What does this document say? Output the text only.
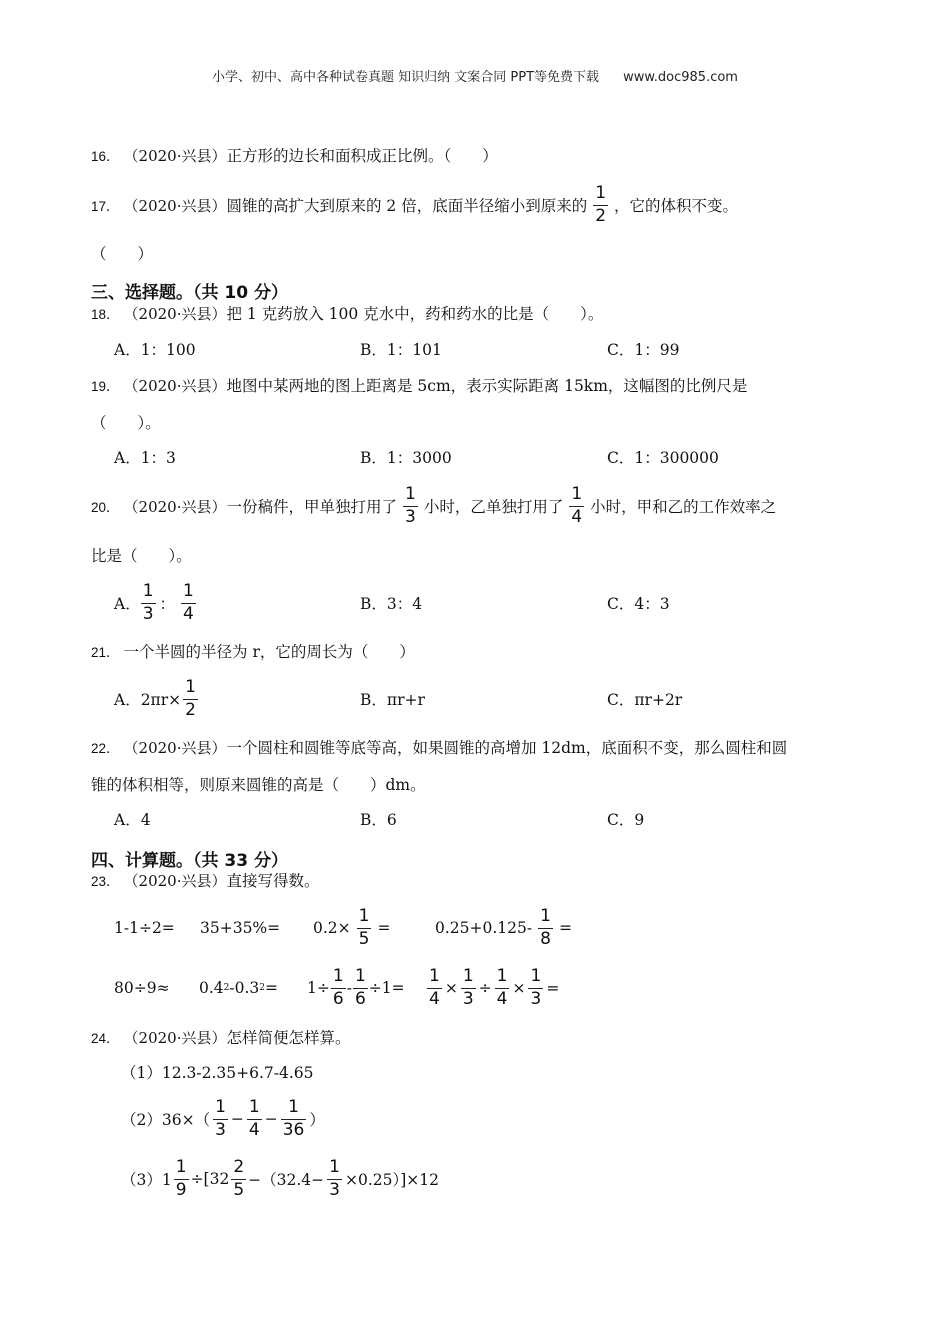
小学、初中、高中各种试卷真题 知识归纳 文案合同 PPT等免费下载 www.doc985.com
16． （2020·兴县） 正方形的边长和面积成正比例。（　　）
17． （2020·兴县） 圆锥的高扩大到原来的 2 倍，底面半径缩小到原来的 $\frac{1}{2}$ ，它的体积不变。
（　　）
三、选择题。（共 10 分）
18． （2020·兴县） 把 1 克药放入 100 克水中，药和药水的比是（　　）。
A．1：100	B．1：101	C．1：99
19． （2020·兴县） 地图中某两地的图上距离是 5cm，表示实际距离 15km，这幅图的比例尺是
（　　）。
A．1：3	B．1：3000	C．1：300000
20． （2020·兴县） 一份稿件，甲单独打用了 $\frac{1}{3}$ 小时，乙单独打用了 $\frac{1}{4}$ 小时，甲和乙的工作效率之
比是（　　）。
A． $\frac{1}{3}$ ： $\frac{1}{4}$	B．3：4	C．4：3
21． 一个半圆的半径为 r，它的周长为（　　）
A．$2\pi r\times \frac{1}{2}$	B．πr+r	C．πr+2r
22． （2020·兴县） 一个圆柱和圆锥等底等高，如果圆锥的高增加 12dm，底面积不变，那么圆柱和圆
锥的体积相等，则原来圆锥的高是（　　）dm。
A．4	B．6	C．9
四、计算题。（共 33 分）
23． （2020·兴县） 直接写得数。
$1-1\div 2= 35+35\%= 0.2\times \frac{1}{5}$ =	$0.25+0.125- \frac{1}{8}$ =
80÷9≈ 0.4 2 -0.3 $2 = 1\div \frac{1}{6} - \frac{1}{6} \div 1= \frac{1}{4} \times \frac{1}{3} \div \frac{1}{4} \times \frac{1}{3}$ =
24． （2020·兴县） 怎样简便怎样算。
（1）12.3-2.35+6.7-4.65
$(2)36\times( \frac{1}{3} - \frac{1}{4} - \frac{1}{36}$ ）
$(3)1 \frac{1}{9} \div[32 \frac{2}{5} -(32.4- \frac{1}{3} \times 0.25)]\times 12$
